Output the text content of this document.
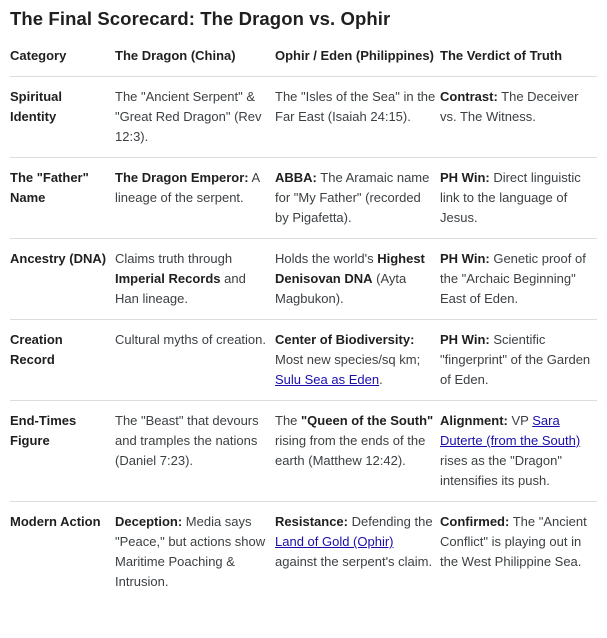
The Final Scorecard: The Dragon vs. Ophir
Category	The Dragon (China)	Ophir / Eden (Philippines)	The Verdict of Truth
Spiritual Identity	The "Ancient Serpent" & "Great Red Dragon" (Rev 12:3).	The "Isles of the Sea" in the Far East (Isaiah 24:15).	Contrast: The Deceiver vs. The Witness.
The "Father" Name	The Dragon Emperor: A lineage of the serpent.	ABBA: The Aramaic name for "My Father" (recorded by Pigafetta).	PH Win: Direct linguistic link to the language of Jesus.
Ancestry (DNA)	Claims truth through Imperial Records and Han lineage.	Holds the world's Highest Denisovan DNA (Ayta Magbukon).	PH Win: Genetic proof of the "Archaic Beginning" East of Eden.
Creation Record	Cultural myths of creation.	Center of Biodiversity: Most new species/sq km; Sulu Sea as Eden.	PH Win: Scientific "fingerprint" of the Garden of Eden.
End-Times Figure	The "Beast" that devours and tramples the nations (Daniel 7:23).	The "Queen of the South" rising from the ends of the earth (Matthew 12:42).	Alignment: VP Sara Duterte (from the South) rises as the "Dragon" intensifies its push.
Modern Action	Deception: Media says "Peace," but actions show Maritime Poaching & Intrusion.	Resistance: Defending the Land of Gold (Ophir) against the serpent's claim.	Confirmed: The "Ancient Conflict" is playing out in the West Philippine Sea.
